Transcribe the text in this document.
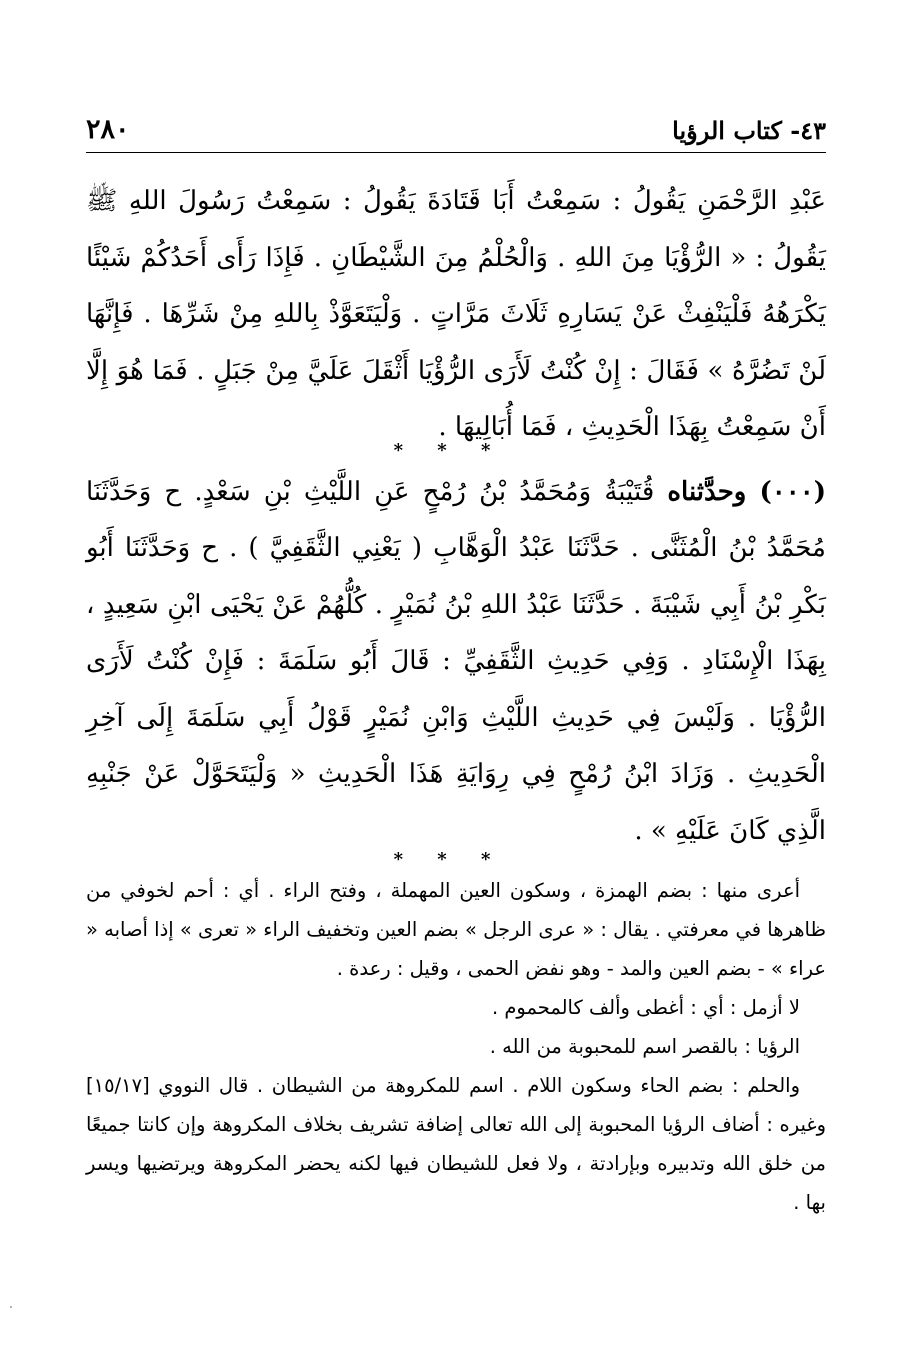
٢٨٠	٤٣- كتاب الرؤيا

عَبْدِ الرَّحْمَنِ يَقُولُ : سَمِعْتُ أَبَا قَتَادَةَ يَقُولُ : سَمِعْتُ رَسُولَ اللهِ ﷺ يَقُولُ : « الرُّؤْيَا مِنَ اللهِ . وَالْحُلْمُ مِنَ الشَّيْطَانِ . فَإِذَا رَأَى أَحَدُكُمْ شَيْئًا يَكْرَهُهُ فَلْيَنْفِثْ عَنْ يَسَارِهِ ثَلَاثَ مَرَّاتٍ . وَلْيَتَعَوَّذْ بِاللهِ مِنْ شَرِّهَا . فَإِنَّهَا لَنْ تَضُرَّهُ » فَقَالَ : إِنْ كُنْتُ لَأَرَى الرُّؤْيَا أَثْقَلَ عَلَيَّ مِنْ جَبَلٍ . فَمَا هُوَ إِلَّا أَنْ سَمِعْتُ بِهَذَا الْحَدِيثِ ، فَمَا أُبَالِيهَا .

* * *

(٠٠٠) وحدَّثناه قُتَيْبَةُ وَمُحَمَّدُ بْنُ رُمْحٍ عَنِ اللَّيْثِ بْنِ سَعْدٍ. ح وَحَدَّثَنَا مُحَمَّدُ بْنُ الْمُثَنَّى . حَدَّثَنَا عَبْدُ الْوَهَّابِ ( يَعْنِي الثَّقَفِيَّ ) . ح وَحَدَّثَنَا أَبُو بَكْرِ بْنُ أَبِي شَيْبَةَ . حَدَّثَنَا عَبْدُ اللهِ بْنُ نُمَيْرٍ . كُلُّهُمْ عَنْ يَحْيَى ابْنِ سَعِيدٍ ، بِهَذَا الْإِسْنَادِ . وَفِي حَدِيثِ الثَّقَفِيِّ : قَالَ أَبُو سَلَمَةَ : فَإِنْ كُنْتُ لَأَرَى الرُّؤْيَا . وَلَيْسَ فِي حَدِيثِ اللَّيْثِ وَابْنِ نُمَيْرٍ قَوْلُ أَبِي سَلَمَةَ إِلَى آخِرِ الْحَدِيثِ . وَزَادَ ابْنُ رُمْحٍ فِي رِوَايَةِ هَذَا الْحَدِيثِ « وَلْيَتَحَوَّلْ عَنْ جَنْبِهِ الَّذِي كَانَ عَلَيْهِ » .

* * *

أعرى منها : بضم الهمزة ، وسكون العين المهملة ، وفتح الراء . أي : أحم لخوفي من ظاهرها في معرفتي . يقال : « عرى الرجل » بضم العين وتخفيف الراء « تعرى » إذا أصابه « عراء » - بضم العين والمد - وهو نفض الحمى ، وقيل : رعدة .

لا أزمل : أي : أغطى وألف كالمحموم .

الرؤيا : بالقصر اسم للمحبوبة من الله .

والحلم : بضم الحاء وسكون اللام . اسم للمكروهة من الشيطان . قال النووي [١٥/١٧] وغيره : أضاف الرؤيا المحبوبة إلى الله تعالى إضافة تشريف بخلاف المكروهة وإن كانتا جميعًا من خلق الله وتدبيره وبإرادتة ، ولا فعل للشيطان فيها لكنه يحضر المكروهة ويرتضيها ويسر بها .
